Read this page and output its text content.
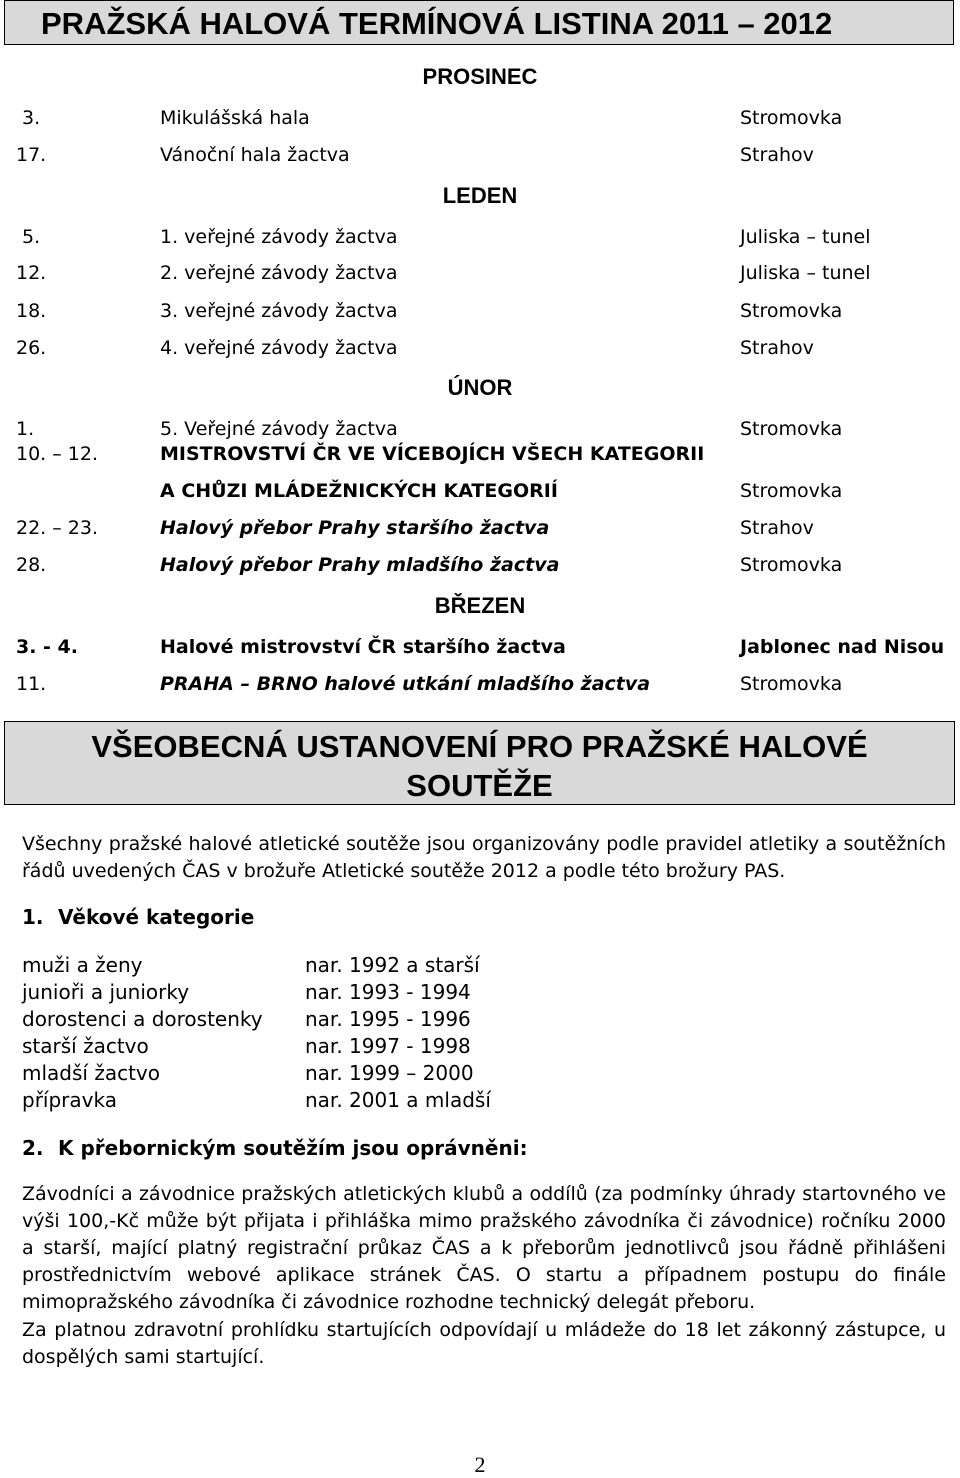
PRAŽSKÁ HALOVÁ TERMÍNOVÁ LISTINA 2011 – 2012
PROSINEC
3.	Mikulášská hala	Stromovka
17.	Vánoční hala žactva	Strahov
LEDEN
5.	1. veřejné závody žactva	Juliska – tunel
12.	2. veřejné závody žactva	Juliska – tunel
18.	3. veřejné závody žactva	Stromovka
26.	4. veřejné závody žactva	Strahov
ÚNOR
1.	5. Veřejné závody žactva	Stromovka
10. – 12.	MISTROVSTVÍ ČR VE VÍCEBOJÍCH VŠECH KATEGORII
A CHŮZI MLÁDEŽNICKÝCH KATEGORIÍ	Stromovka
22. – 23.	Halový přebor Prahy staršího žactva	Strahov
28.	Halový přebor Prahy mladšího žactva	Stromovka
BŘEZEN
3. - 4.	Halové mistrovství ČR staršího žactva	Jablonec nad Nisou
11.	PRAHA – BRNO halové utkání mladšího žactva	Stromovka
VŠEOBECNÁ USTANOVENÍ PRO PRAŽSKÉ HALOVÉ
SOUTĚŽE
Všechny pražské halové atletické soutěže jsou organizovány podle pravidel atletiky a soutěžních řádů uvedených ČAS v brožuře Atletické soutěže 2012 a podle této brožury PAS.
1. Věkové kategorie
muži a ženy	nar. 1992 a starší
junioři a juniorky	nar. 1993 - 1994
dorostenci a dorostenky nar. 1995 - 1996
starší žactvo	nar. 1997 - 1998
mladší žactvo	nar. 1999 – 2000
přípravka	nar. 2001 a mladší
2. K přebornickým soutěžím jsou oprávněni:
Závodníci a závodnice pražských atletických klubů a oddílů (za podmínky úhrady startovného ve výši 100,-Kč může být přijata i přihláška mimo pražského závodníka či závodnice) ročníku 2000 a starší, mající platný registrační průkaz ČAS a k přeborům jednotlivců jsou řádně přihlášeni prostřednictvím webové aplikace stránek ČAS. O startu a případnem postupu do finále mimopražského závodníka či závodnice rozhodne technický delegát přeboru.
Za platnou zdravotní prohlídku startujících odpovídají u mládeže do 18 let zákonný zástupce, u dospělých sami startující.
2
